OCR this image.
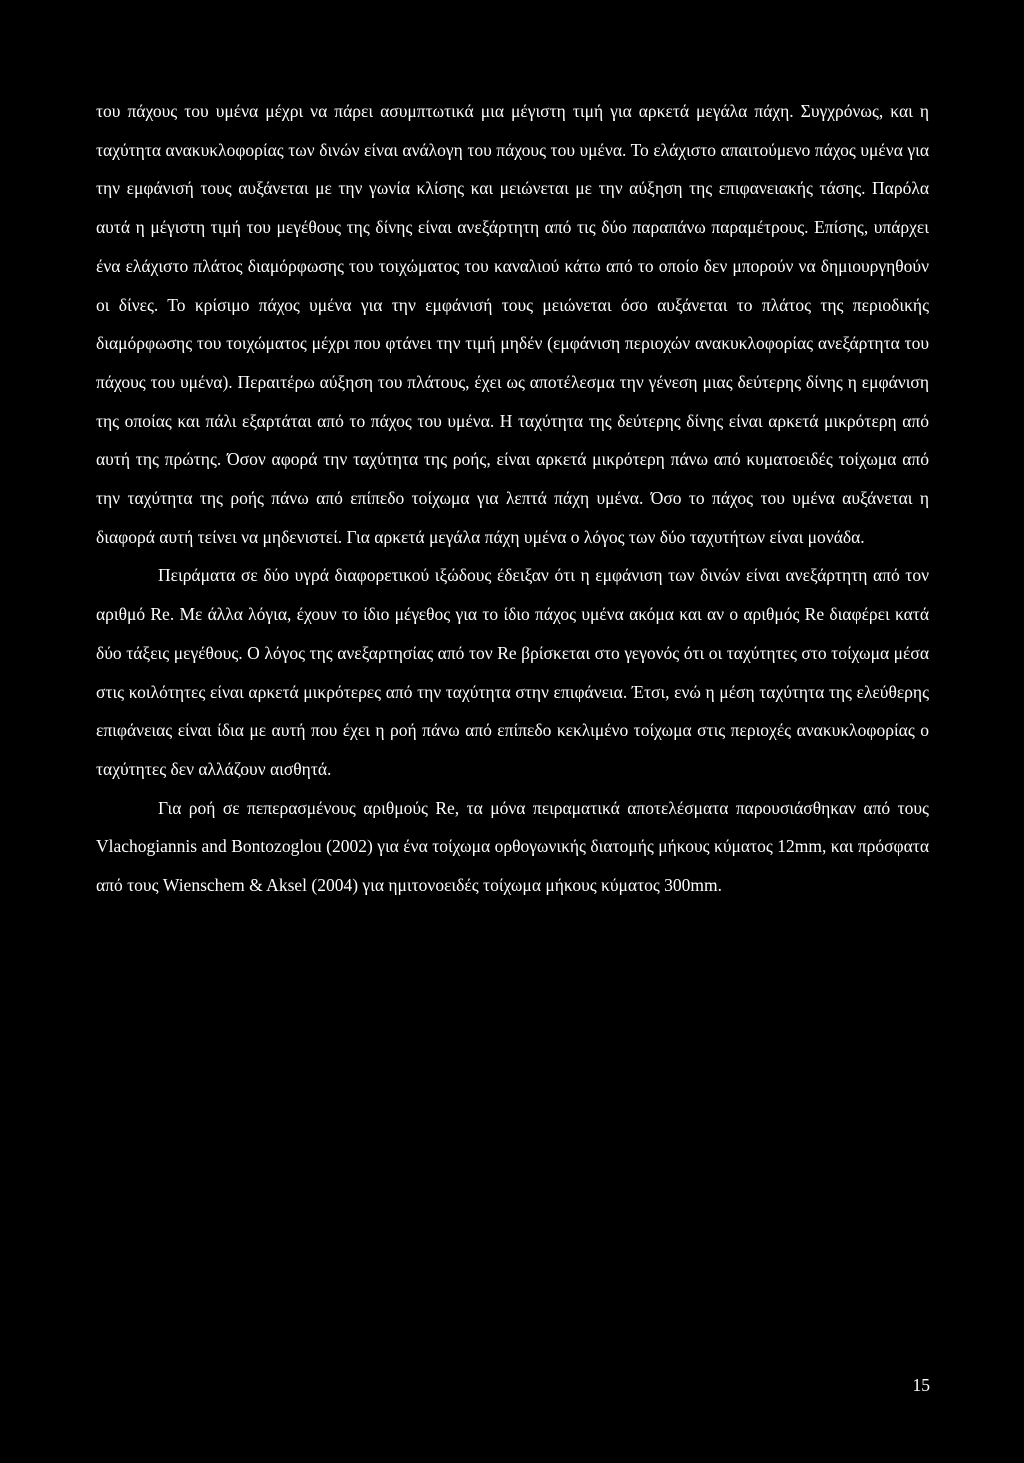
του πάχους του υμένα μέχρι να πάρει ασυμπτωτικά μια μέγιστη τιμή για αρκετά μεγάλα πάχη. Συγχρόνως, και η ταχύτητα ανακυκλοφορίας των δινών είναι ανάλογη του πάχους του υμένα. Το ελάχιστο απαιτούμενο πάχος υμένα για την εμφάνισή τους αυξάνεται με την γωνία κλίσης και μειώνεται με την αύξηση της επιφανειακής τάσης. Παρόλα αυτά η μέγιστη τιμή του μεγέθους της δίνης είναι ανεξάρτητη από τις δύο παραπάνω παραμέτρους. Επίσης, υπάρχει ένα ελάχιστο πλάτος διαμόρφωσης του τοιχώματος του καναλιού κάτω από το οποίο δεν μπορούν να δημιουργηθούν οι δίνες. Το κρίσιμο πάχος υμένα για την εμφάνισή τους μειώνεται όσο αυξάνεται το πλάτος της περιοδικής διαμόρφωσης του τοιχώματος μέχρι που φτάνει την τιμή μηδέν (εμφάνιση περιοχών ανακυκλοφορίας ανεξάρτητα του πάχους του υμένα). Περαιτέρω αύξηση του πλάτους, έχει ως αποτέλεσμα την γένεση μιας δεύτερης δίνης η εμφάνιση της οποίας και πάλι εξαρτάται από το πάχος του υμένα. Η ταχύτητα της δεύτερης δίνης είναι αρκετά μικρότερη από αυτή της πρώτης. Όσον αφορά την ταχύτητα της ροής, είναι αρκετά μικρότερη πάνω από κυματοειδές τοίχωμα από την ταχύτητα της ροής πάνω από επίπεδο τοίχωμα για λεπτά πάχη υμένα. Όσο το πάχος του υμένα αυξάνεται η διαφορά αυτή τείνει να μηδενιστεί. Για αρκετά μεγάλα πάχη υμένα ο λόγος των δύο ταχυτήτων είναι μονάδα.

Πειράματα σε δύο υγρά διαφορετικού ιξώδους έδειξαν ότι η εμφάνιση των δινών είναι ανεξάρτητη από τον αριθμό Re. Με άλλα λόγια, έχουν το ίδιο μέγεθος για το ίδιο πάχος υμένα ακόμα και αν ο αριθμός Re διαφέρει κατά δύο τάξεις μεγέθους. Ο λόγος της ανεξαρτησίας από τον Re βρίσκεται στο γεγονός ότι οι ταχύτητες στο τοίχωμα μέσα στις κοιλότητες είναι αρκετά μικρότερες από την ταχύτητα στην επιφάνεια. Έτσι, ενώ η μέση ταχύτητα της ελεύθερης επιφάνειας είναι ίδια με αυτή που έχει η ροή πάνω από επίπεδο κεκλιμένο τοίχωμα στις περιοχές ανακυκλοφορίας ο ταχύτητες δεν αλλάζουν αισθητά.

Για ροή σε πεπερασμένους αριθμούς Re, τα μόνα πειραματικά αποτελέσματα παρουσιάσθηκαν από τους Vlachogiannis and Bontozoglou (2002) για ένα τοίχωμα ορθογωνικής διατομής μήκους κύματος 12mm, και πρόσφατα από τους Wienschem & Aksel (2004) για ημιτονοειδές τοίχωμα μήκους κύματος 300mm.

15
